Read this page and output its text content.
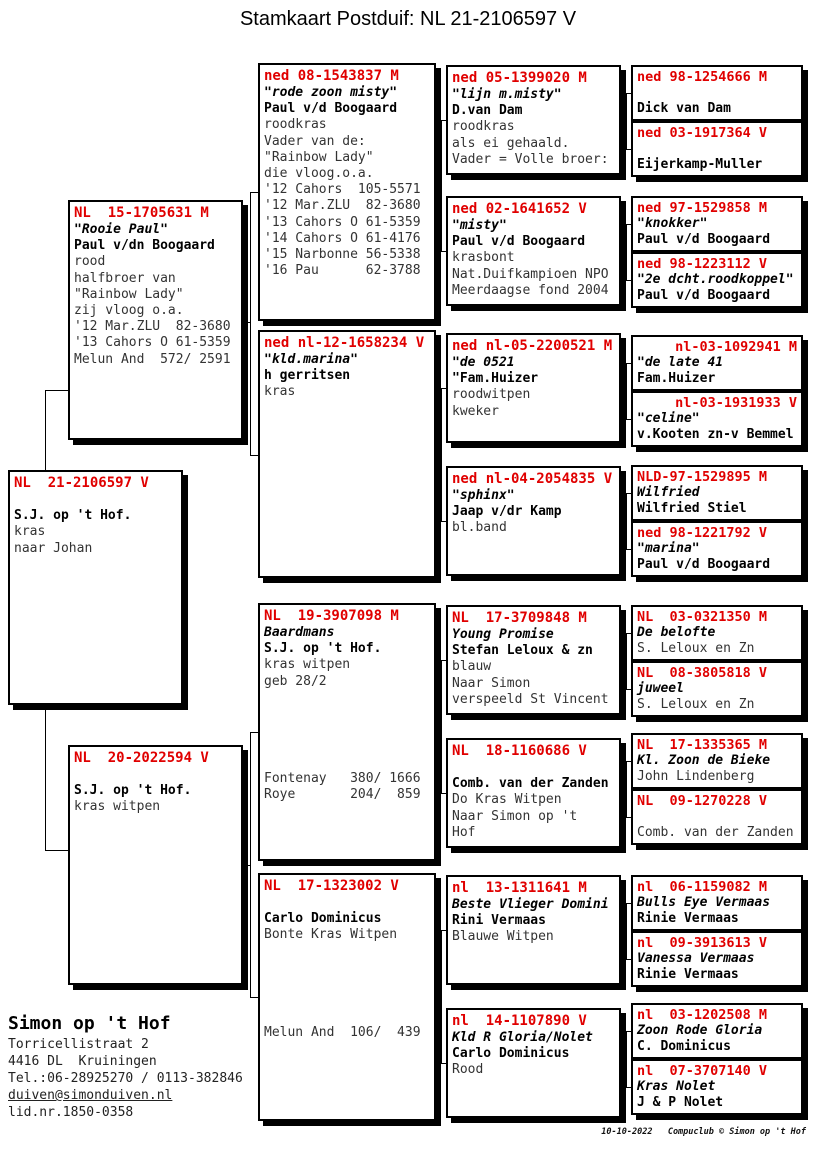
Stamkaart Postduif: NL 21-2106597 V
NL  21-2106597 V

S.J. op 't Hof.
kras
naar Johan
NL  15-1705631 M
"Rooie Paul"
Paul v/dn Boogaard
rood
halfbroer van
"Rainbow Lady"
zij vloog o.a.
'12 Mar.ZLU  82-3680
'13 Cahors O 61-5359
Melun And  572/ 2591
NL  20-2022594 V

S.J. op 't Hof.
kras witpen
ned 08-1543837 M
"rode zoon misty"
Paul v/d Boogaard
roodkras
Vader van de:
"Rainbow Lady"
die vloog.o.a.
'12 Cahors  105-5571
'12 Mar.ZLU  82-3680
'13 Cahors O 61-5359
'14 Cahors O 61-4176
'15 Narbonne 56-5338
'16 Pau      62-3788
ned nl-12-1658234 V
"kld.marina"
h gerritsen
kras
NL  19-3907098 M
Baardmans
S.J. op 't Hof.
kras witpen
geb 28/2

Fontenay   380/ 1666
Roye       204/  859
NL  17-1323002 V

Carlo Dominicus
Bonte Kras Witpen

Melun And  106/  439
ned 05-1399020 M
"lijn m.misty"
D.van Dam
roodkras
als ei gehaald.
Vader = Volle broer:
ned 02-1641652 V
"misty"
Paul v/d Boogaard
krasbont
Nat.Duifkampioen NPO
Meerdaagse fond 2004
ned nl-05-2200521 M
"de 0521
"Fam.Huizer
roodwitpen
kweker
ned nl-04-2054835 V
"sphinx"
Jaap v/dr Kamp
bl.band
NL  17-3709848 M
Young Promise
Stefan Leloux & zn
blauw
Naar Simon
verspeeld St Vincent
NL  18-1160686 V

Comb. van der Zanden
Do Kras Witpen
Naar Simon op 't
Hof
nl  13-1311641 M
Beste Vlieger Domini
Rini Vermaas
Blauwe Witpen
nl  14-1107890 V
Kld R Gloria/Nolet
Carlo Dominicus
Rood
ned 98-1254666 M

Dick van Dam
ned 03-1917364 V

Eijerkamp-Muller
ned 97-1529858 M
"knokker"
Paul v/d Boogaard
ned 98-1223112 V
"2e dcht.roodkoppel"
Paul v/d Boogaard
nl-03-1092941 M
"de late 41
Fam.Huizer
nl-03-1931933 V
"celine"
v.Kooten zn-v Bemmel
NLD-97-1529895 M
Wilfried
Wilfried Stiel
ned 98-1221792 V
"marina"
Paul v/d Boogaard
NL  03-0321350 M
De belofte
S. Leloux en Zn
NL  08-3805818 V
juweel
S. Leloux en Zn
NL  17-1335365 M
Kl. Zoon de Bieke
John Lindenberg
NL  09-1270228 V

Comb. van der Zanden
nl  06-1159082 M
Bulls Eye Vermaas
Rinie Vermaas
nl  09-3913613 V
Vanessa Vermaas
Rinie Vermaas
nl  03-1202508 M
Zoon Rode Gloria
C. Dominicus
nl  07-3707140 V
Kras Nolet
J & P Nolet
Simon op 't Hof
Torricellistraat 2
4416 DL  Kruiningen
Tel.:06-28925270 / 0113-382846
duiven@simonduiven.nl
lid.nr.1850-0358
10-10-2022   Compuclub © Simon op 't Hof
